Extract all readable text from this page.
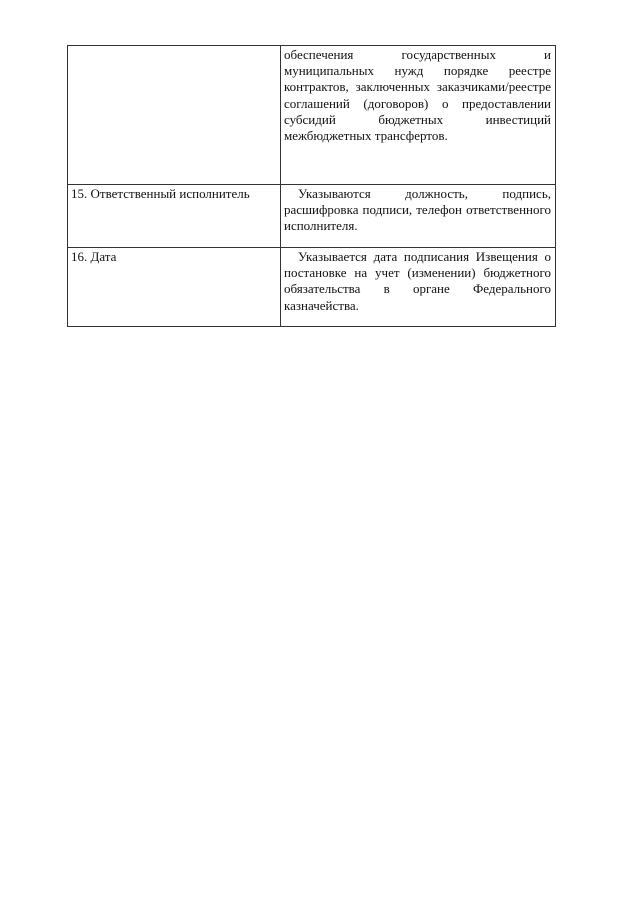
	обеспечения государственных и муниципальных нужд порядке реестре контрактов, заключенных заказчиками/реестре соглашений (договоров) о предоставлении субсидий бюджетных инвестиций межбюджетных трансфертов.
15. Ответственный исполнитель	Указываются должность, подпись, расшифровка подписи, телефон ответственного исполнителя.
16. Дата	Указывается дата подписания Извещения о постановке на учет (изменении) бюджетного обязательства в органе Федерального казначейства.
